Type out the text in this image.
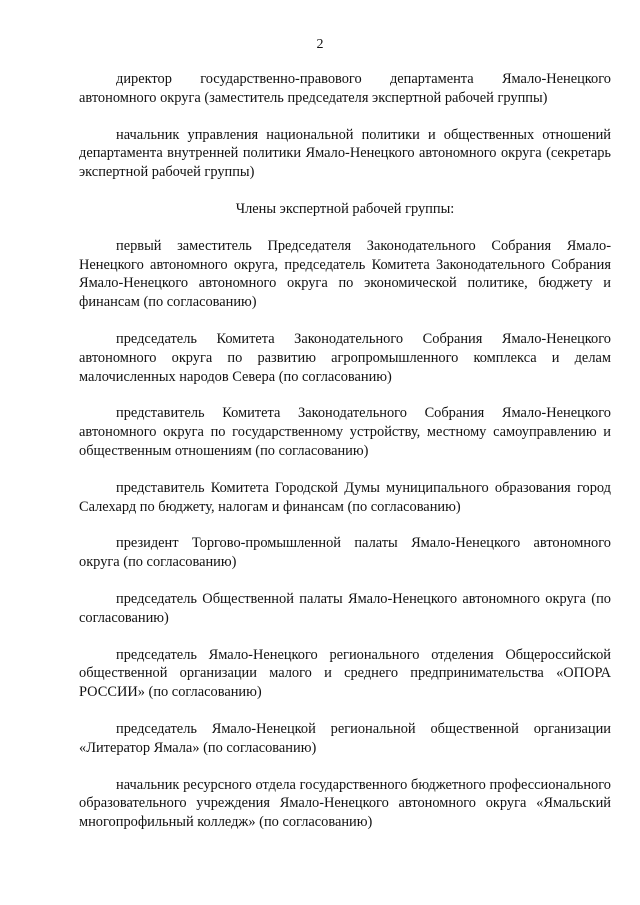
2

директор государственно-правового департамента Ямало-Ненецкого автономного округа (заместитель председателя экспертной рабочей группы)

начальник управления национальной политики и общественных отношений департамента внутренней политики Ямало-Ненецкого автономного округа (секретарь экспертной рабочей группы)

Члены экспертной рабочей группы:

первый заместитель Председателя Законодательного Собрания Ямало-Ненецкого автономного округа, председатель Комитета Законодательного Собрания Ямало-Ненецкого автономного округа по экономической политике, бюджету и финансам (по согласованию)

председатель Комитета Законодательного Собрания Ямало-Ненецкого автономного округа по развитию агропромышленного комплекса и делам малочисленных народов Севера (по согласованию)

представитель Комитета Законодательного Собрания Ямало-Ненецкого автономного округа по государственному устройству, местному самоуправлению и общественным отношениям (по согласованию)

представитель Комитета Городской Думы муниципального образования город Салехард по бюджету, налогам и финансам (по согласованию)

президент Торгово-промышленной палаты Ямало-Ненецкого автономного округа (по согласованию)

председатель Общественной палаты Ямало-Ненецкого автономного округа (по согласованию)

председатель Ямало-Ненецкого регионального отделения Общероссийской общественной организации малого и среднего предпринимательства «ОПОРА РОССИИ» (по согласованию)

председатель Ямало-Ненецкой региональной общественной организации «Литератор Ямала» (по согласованию)

начальник ресурсного отдела государственного бюджетного профессионального образовательного учреждения Ямало-Ненецкого автономного округа «Ямальский многопрофильный колледж» (по согласованию)
